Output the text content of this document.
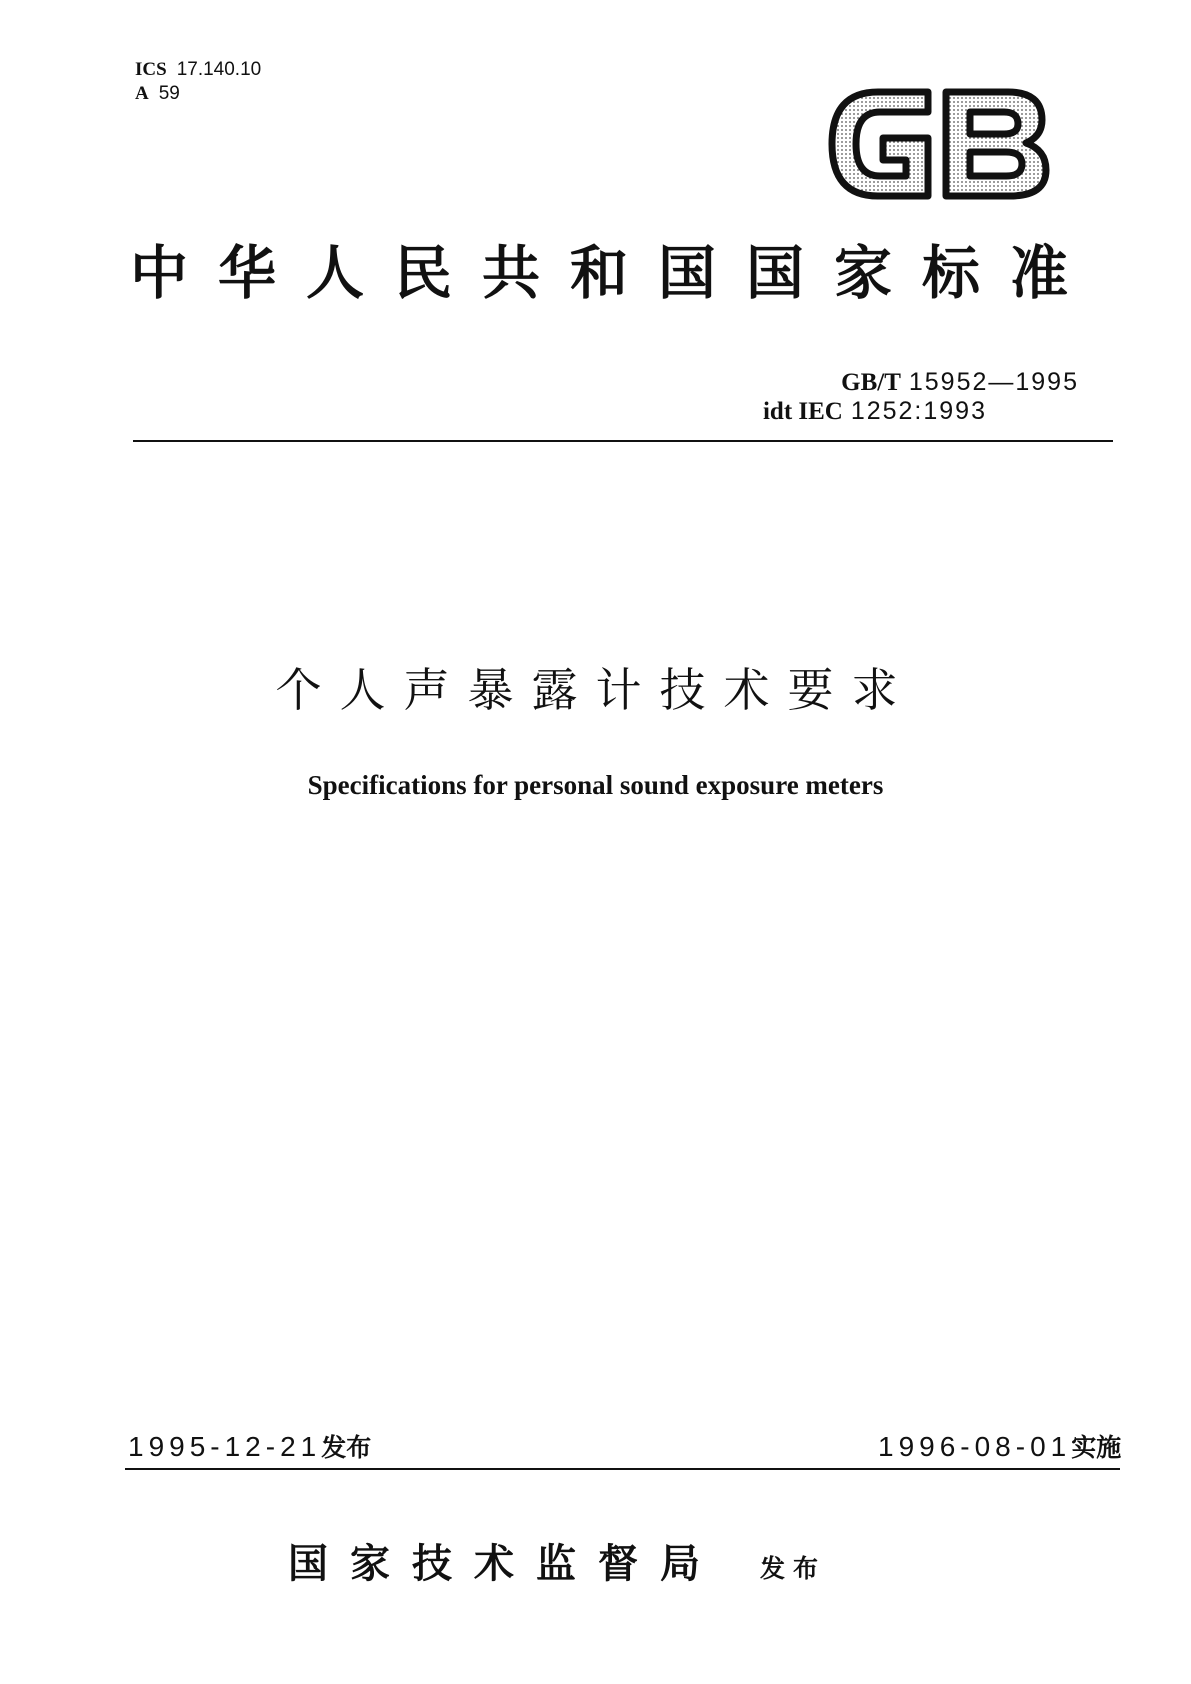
ICS 17.140.10
A 59	GB
中华人民共和国国家标准
GB/T 15952—1995
idt IEC 1252:1993
个人声暴露计技术要求
Specifications for personal sound exposure meters
1995-12-21发布	1996-08-01实施
国家技术监督局 发布
